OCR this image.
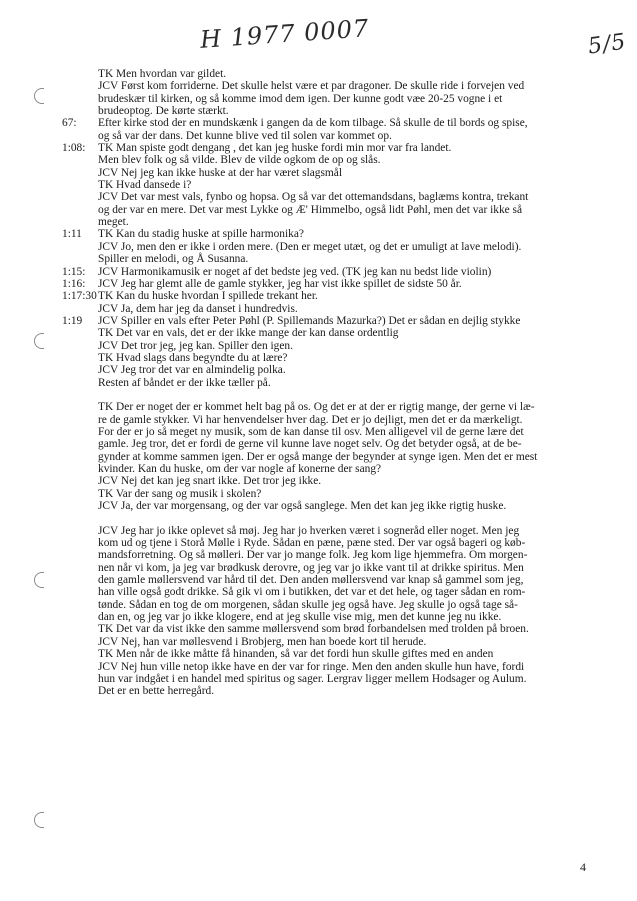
H 1977 0007	5/5
TK Men hvordan var gildet.
JCV Først kom forriderne. Det skulle helst være et par dragoner. De skulle ride i forvejen ved
brudeskær til kirken, og så komme imod dem igen. Der kunne godt væe 20-25 vogne i et
brudeoptog. De kørte stærkt.
67: Efter kirke stod der en mundskænk i gangen da de kom tilbage. Så skulle de til bords og spise,
og så var der dans. Det kunne blive ved til solen var kommet op.
1:08: TK Man spiste godt dengang , det kan jeg huske fordi min mor var fra landet.
Men blev folk og så vilde. Blev de vilde ogkom de op og slås.
JCV Nej jeg kan ikke huske at der har været slagsmål
TK Hvad dansede i?
JCV Det var mest vals, fynbo og hopsa. Og så var det ottemandsdans, baglæms kontra, trekant
og der var en mere. Det var mest Lykke og Æ' Himmelbo, også lidt Pøhl, men det var ikke så
meget.
1:11 TK Kan du stadig huske at spille harmonika?
JCV Jo, men den er ikke i orden mere. (Den er meget utæt, og det er umuligt at lave melodi).
Spiller en melodi, og Å Susanna.
1:15: JCV Harmonikamusik er noget af det bedste jeg ved. (TK jeg kan nu bedst lide violin)
1:16: JCV Jeg har glemt alle de gamle stykker, jeg har vist ikke spillet de sidste 50 år.
1:17:30 TK Kan du huske hvordan I spillede trekant her.
JCV Ja, dem har jeg da danset i hundredvis.
1:19 JCV Spiller en vals efter Peter Pøhl (P. Spillemands Mazurka?) Det er sådan en dejlig stykke
TK Det var en vals, det er der ikke mange der kan danse ordentlig
JCV Det tror jeg, jeg kan. Spiller den igen.
TK Hvad slags dans begyndte du at lære?
JCV Jeg tror det var en almindelig polka.
Resten af båndet er der ikke tæller på.
TK Der er noget der er kommet helt bag på os. Og det er at der er rigtig mange, der gerne vi læ-
re de gamle stykker. Vi har henvendelser hver dag. Det er jo dejligt, men det er da mærkeligt.
For der er jo så meget ny musik, som de kan danse til osv. Men alligevel vil de gerne lære det
gamle. Jeg tror, det er fordi de gerne vil kunne lave noget selv. Og det betyder også, at de be-
gynder at komme sammen igen. Der er også mange der begynder at synge igen. Men det er mest
kvinder. Kan du huske, om der var nogle af konerne der sang?
JCV Nej det kan jeg snart ikke. Det tror jeg ikke.
TK Var der sang og musik i skolen?
JCV Ja, der var morgensang, og der var også sanglege. Men det kan jeg ikke rigtig huske.
JCV Jeg har jo ikke oplevet så møj. Jeg har jo hverken været i sogneråd eller noget. Men jeg
kom ud og tjene i Storå Mølle i Ryde. Sådan en pæne, pæne sted. Der var også bageri og køb-
mandsforretning. Og så mølleri. Der var jo mange folk. Jeg kom lige hjemmefra. Om morgen-
nen når vi kom, ja jeg var brødkusk derovre, og jeg var jo ikke vant til at drikke spiritus. Men
den gamle møllersvend var hård til det. Den anden møllersvend var knap så gammel som jeg,
han ville også godt drikke. Så gik vi om i butikken, det var et det hele, og tager sådan en rom-
tønde. Sådan en tog de om morgenen, sådan skulle jeg også have. Jeg skulle jo også tage så-
dan en, og jeg var jo ikke klogere, end at jeg skulle vise mig, men det kunne jeg nu ikke.
TK Det var da vist ikke den samme møllersvend som brød forbandelsen med trolden på broen.
JCV Nej, han var møllesvend i Brobjerg, men han boede kort til herude.
TK Men når de ikke måtte få hinanden, så var det fordi hun skulle giftes med en anden
JCV Nej hun ville netop ikke have en der var for ringe. Men den anden skulle hun have, fordi
hun var indgået i en handel med spiritus og sager. Lergrav ligger mellem Hodsager og Aulum.
Det er en bette herregård.
4
